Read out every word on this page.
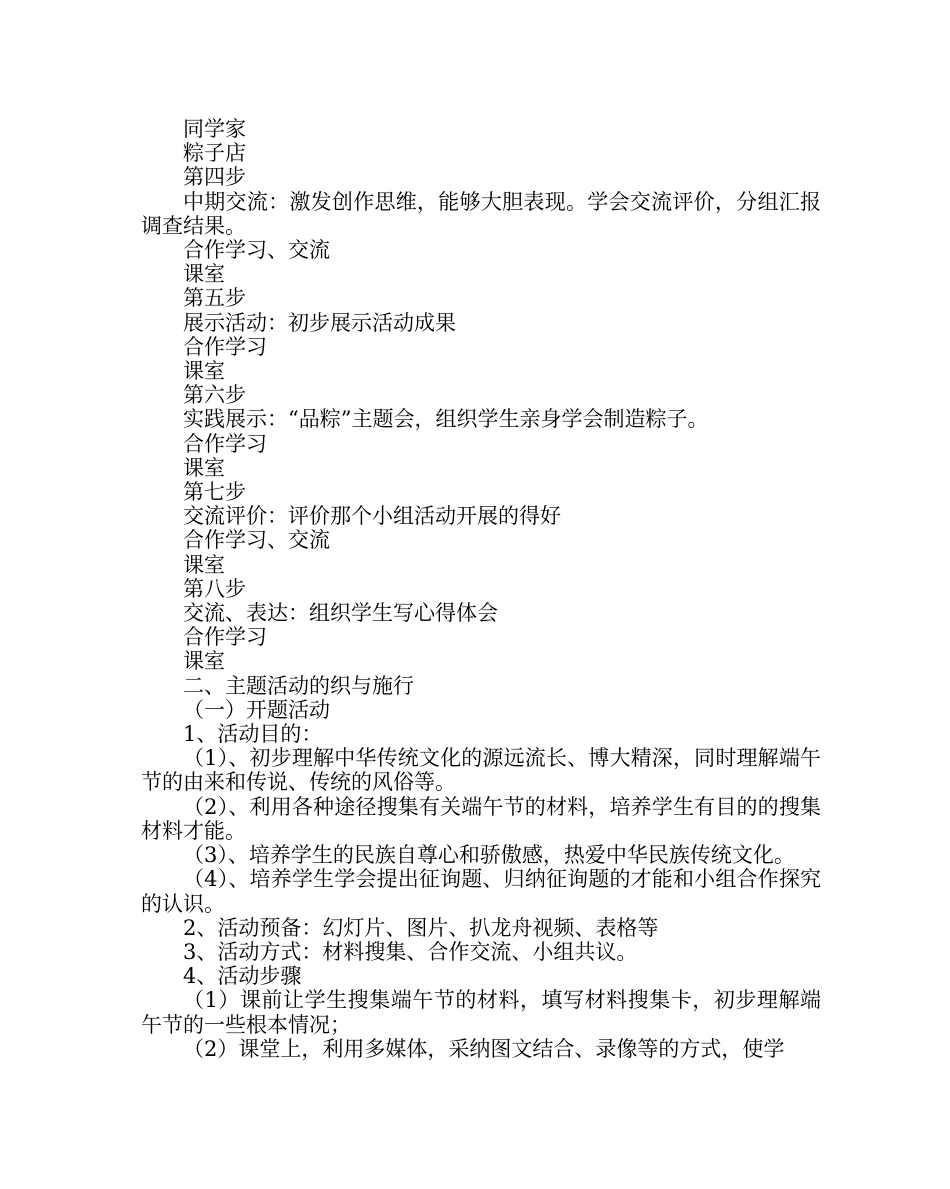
同学家

粽子店

第四步

中期交流：激发创作思维，能够大胆表现。学会交流评价，分组汇报调查结果。

合作学习、交流

课室

第五步

展示活动：初步展示活动成果

合作学习

课室

第六步

实践展示：“品粽”主题会，组织学生亲身学会制造粽子。

合作学习

课室

第七步

交流评价：评价那个小组活动开展的得好

合作学习、交流

课室

第八步

交流、表达：组织学生写心得体会

合作学习

课室

二、主题活动的织与施行

（一）开题活动

1、活动目的：

（1）、初步理解中华传统文化的源远流长、博大精深，同时理解端午节的由来和传说、传统的风俗等。

（2）、利用各种途径搜集有关端午节的材料，培养学生有目的的搜集材料才能。

（3）、培养学生的民族自尊心和骄傲感，热爱中华民族传统文化。

（4）、培养学生学会提出征询题、归纳征询题的才能和小组合作探究的认识。

2、活动预备：幻灯片、图片、扒龙舟视频、表格等

3、活动方式：材料搜集、合作交流、小组共议。

4、活动步骤

（1）课前让学生搜集端午节的材料，填写材料搜集卡，初步理解端午节的一些根本情况；

（2）课堂上，利用多媒体，采纳图文结合、录像等的方式，使学
